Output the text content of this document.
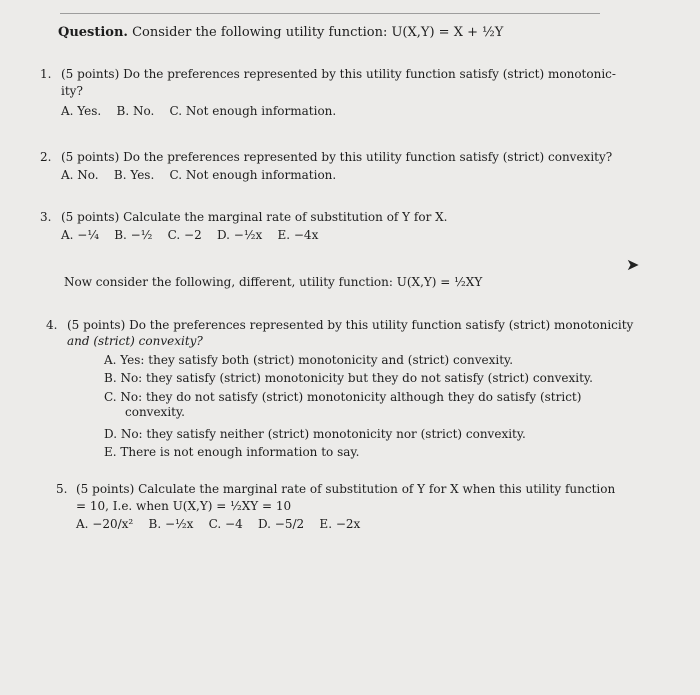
Question. Consider the following utility function: U(X,Y) = X + ½Y
1. (5 points) Do the preferences represented by this utility function satisfy (strict) monotonic-
ity?
A. Yes.    B. No.    C. Not enough information.
2. (5 points) Do the preferences represented by this utility function satisfy (strict) convexity?
A. No.    B. Yes.    C. Not enough information.
3. (5 points) Calculate the marginal rate of substitution of Y for X.
A. −¼    B. −½    C. −2    D. −½x    E. −4x
➤
Now consider the following, different, utility function: U(X,Y) = ½XY
4. (5 points) Do the preferences represented by this utility function satisfy (strict) monotonicity
and (strict) convexity?
A. Yes: they satisfy both (strict) monotonicity and (strict) convexity.
B. No: they satisfy (strict) monotonicity but they do not satisfy (strict) convexity.
C. No: they do not satisfy (strict) monotonicity although they do satisfy (strict)
convexity.
D. No: they satisfy neither (strict) monotonicity nor (strict) convexity.
E. There is not enough information to say.
5. (5 points) Calculate the marginal rate of substitution of Y for X when this utility function
= 10, I.e. when U(X,Y) = ½XY = 10
A. −20/x²    B. −½x    C. −4    D. −5/2    E. −2x
